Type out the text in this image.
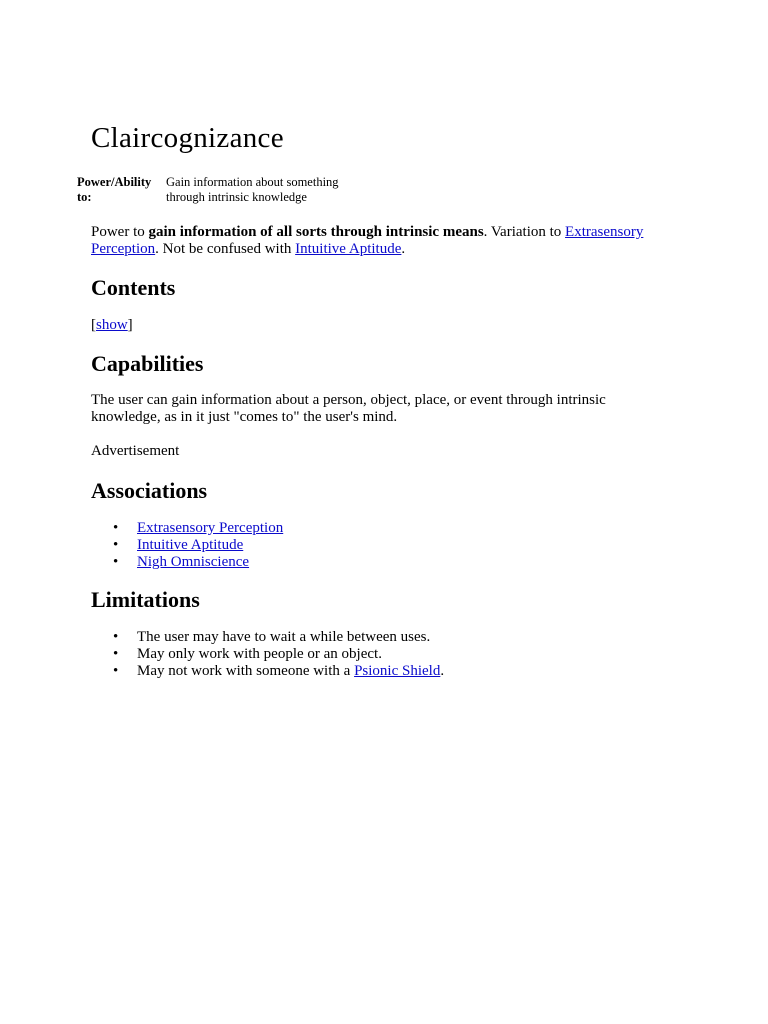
Claircognizance
Power/Ability to:
Gain information about something through intrinsic knowledge

Power to gain information of all sorts through intrinsic means. Variation to Extrasensory Perception. Not be confused with Intuitive Aptitude.

Contents
[show]
Capabilities

The user can gain information about a person, object, place, or event through intrinsic knowledge, as in it just "comes to" the user's mind.

Advertisement
Associations
• Extrasensory Perception
• Intuitive Aptitude
• Nigh Omniscience
Limitations
• The user may have to wait a while between uses.
• May only work with people or an object.
• May not work with someone with a Psionic Shield.
